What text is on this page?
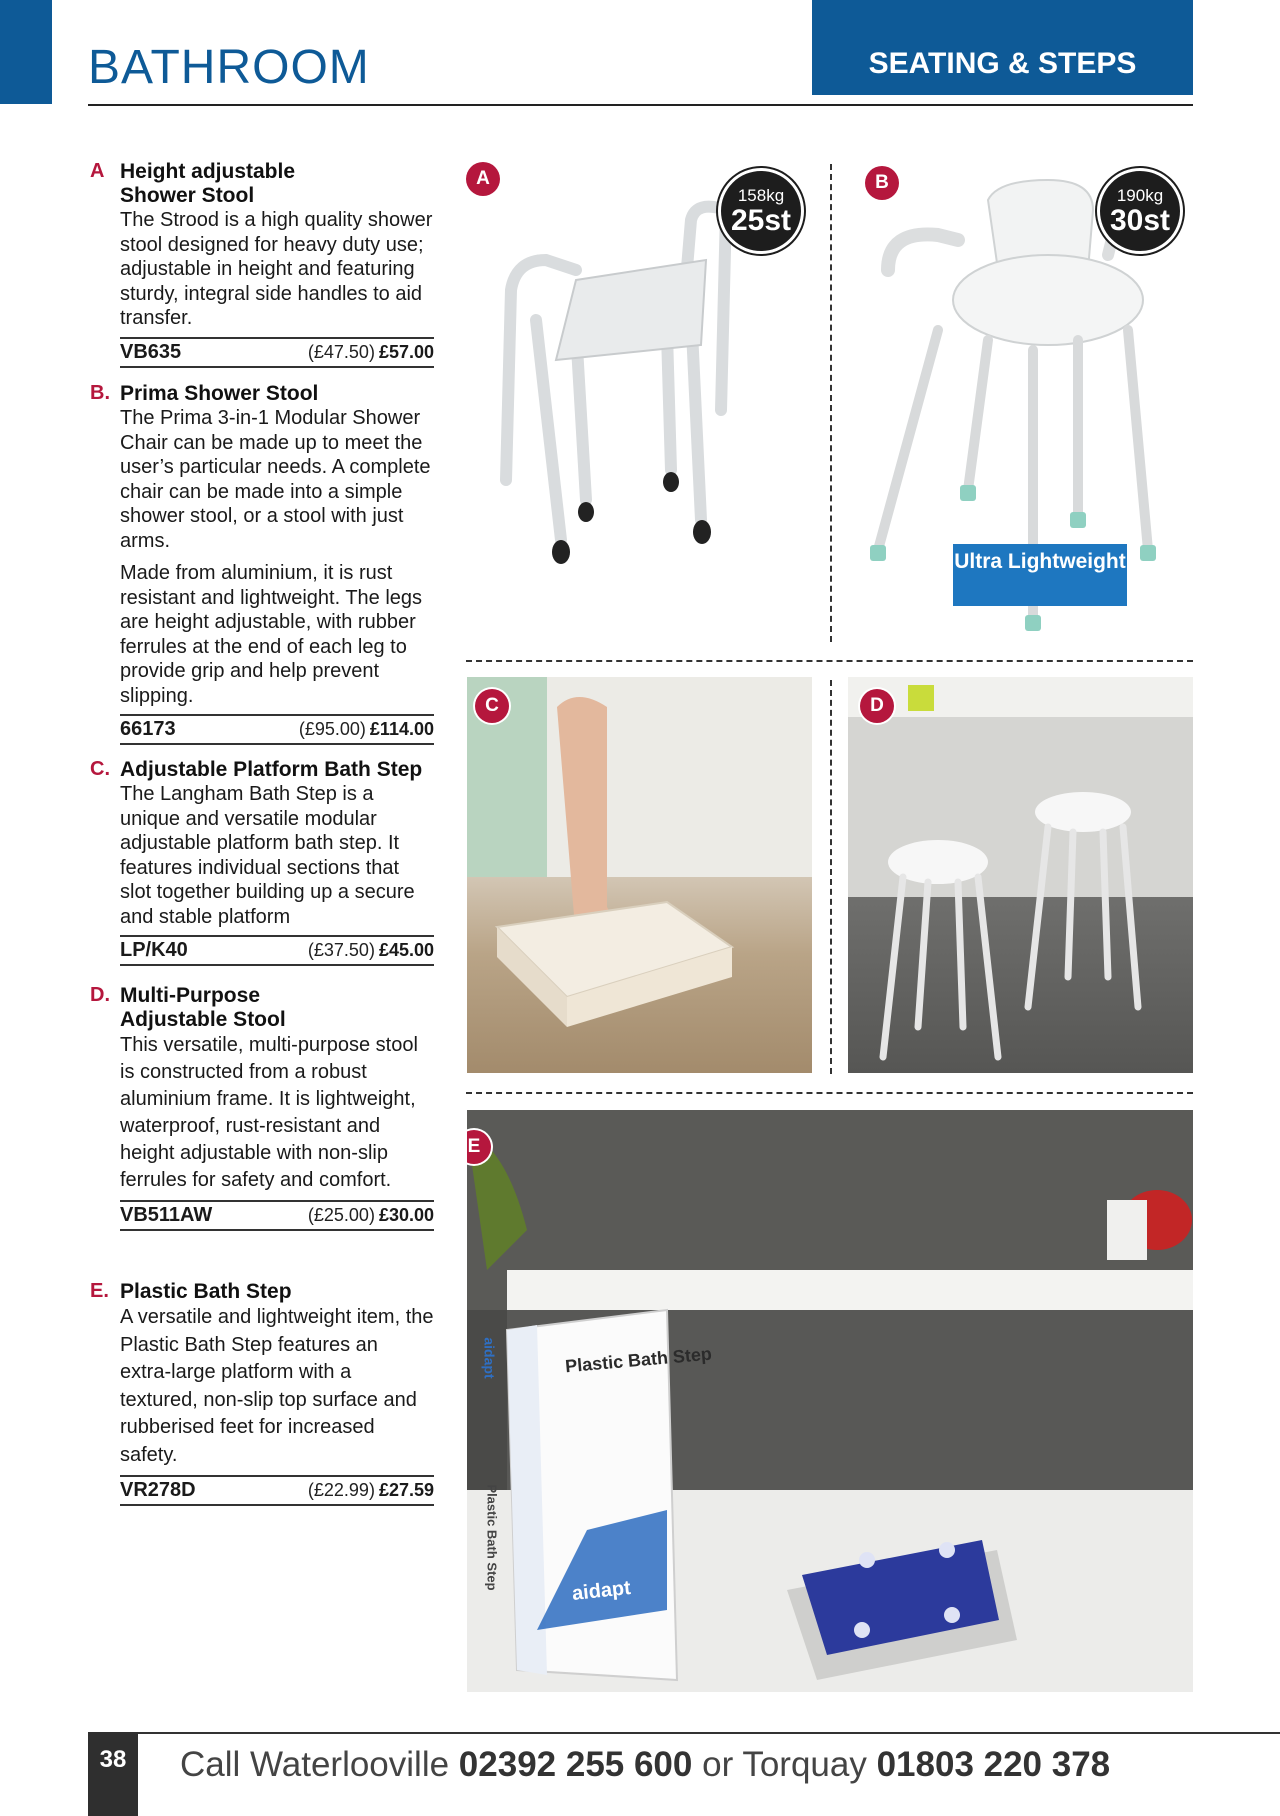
BATHROOM	SEATING & STEPS
A Height adjustable Shower Stool
The Strood is a high quality shower stool designed for heavy duty use; adjustable in height and featuring sturdy, integral side handles to aid transfer.
VB635	(£47.50) £57.00
B. Prima Shower Stool
The Prima 3-in-1 Modular Shower Chair can be made up to meet the user’s particular needs. A complete chair can be made into a simple shower stool, or a stool with just arms.
Made from aluminium, it is rust resistant and lightweight. The legs are height adjustable, with rubber ferrules at the end of each leg to provide grip and help prevent slipping.
66173	(£95.00) £114.00
C. Adjustable Platform Bath Step
The Langham Bath Step is a unique and versatile modular adjustable platform bath step. It features individual sections that slot together building up a secure and stable platform
LP/K40	(£37.50) £45.00
D. Multi-Purpose Adjustable Stool
This versatile, multi-purpose stool is constructed from a robust aluminium frame. It is lightweight, waterproof, rust-resistant and height adjustable with non-slip ferrules for safety and comfort.
VB511AW	(£25.00) £30.00
E. Plastic Bath Step
A versatile and lightweight item, the Plastic Bath Step features an extra-large platform with a textured, non-slip top surface and rubberised feet for increased safety.
VR278D	(£22.99) £27.59
A
158kg
25st
B
190kg
30st
Ultra Lightweight
C	D
E
Plastic Bath Step
aidapt
aidapt
Plastic Bath Step
38	Call Waterlooville 02392 255 600 or Torquay 01803 220 378
